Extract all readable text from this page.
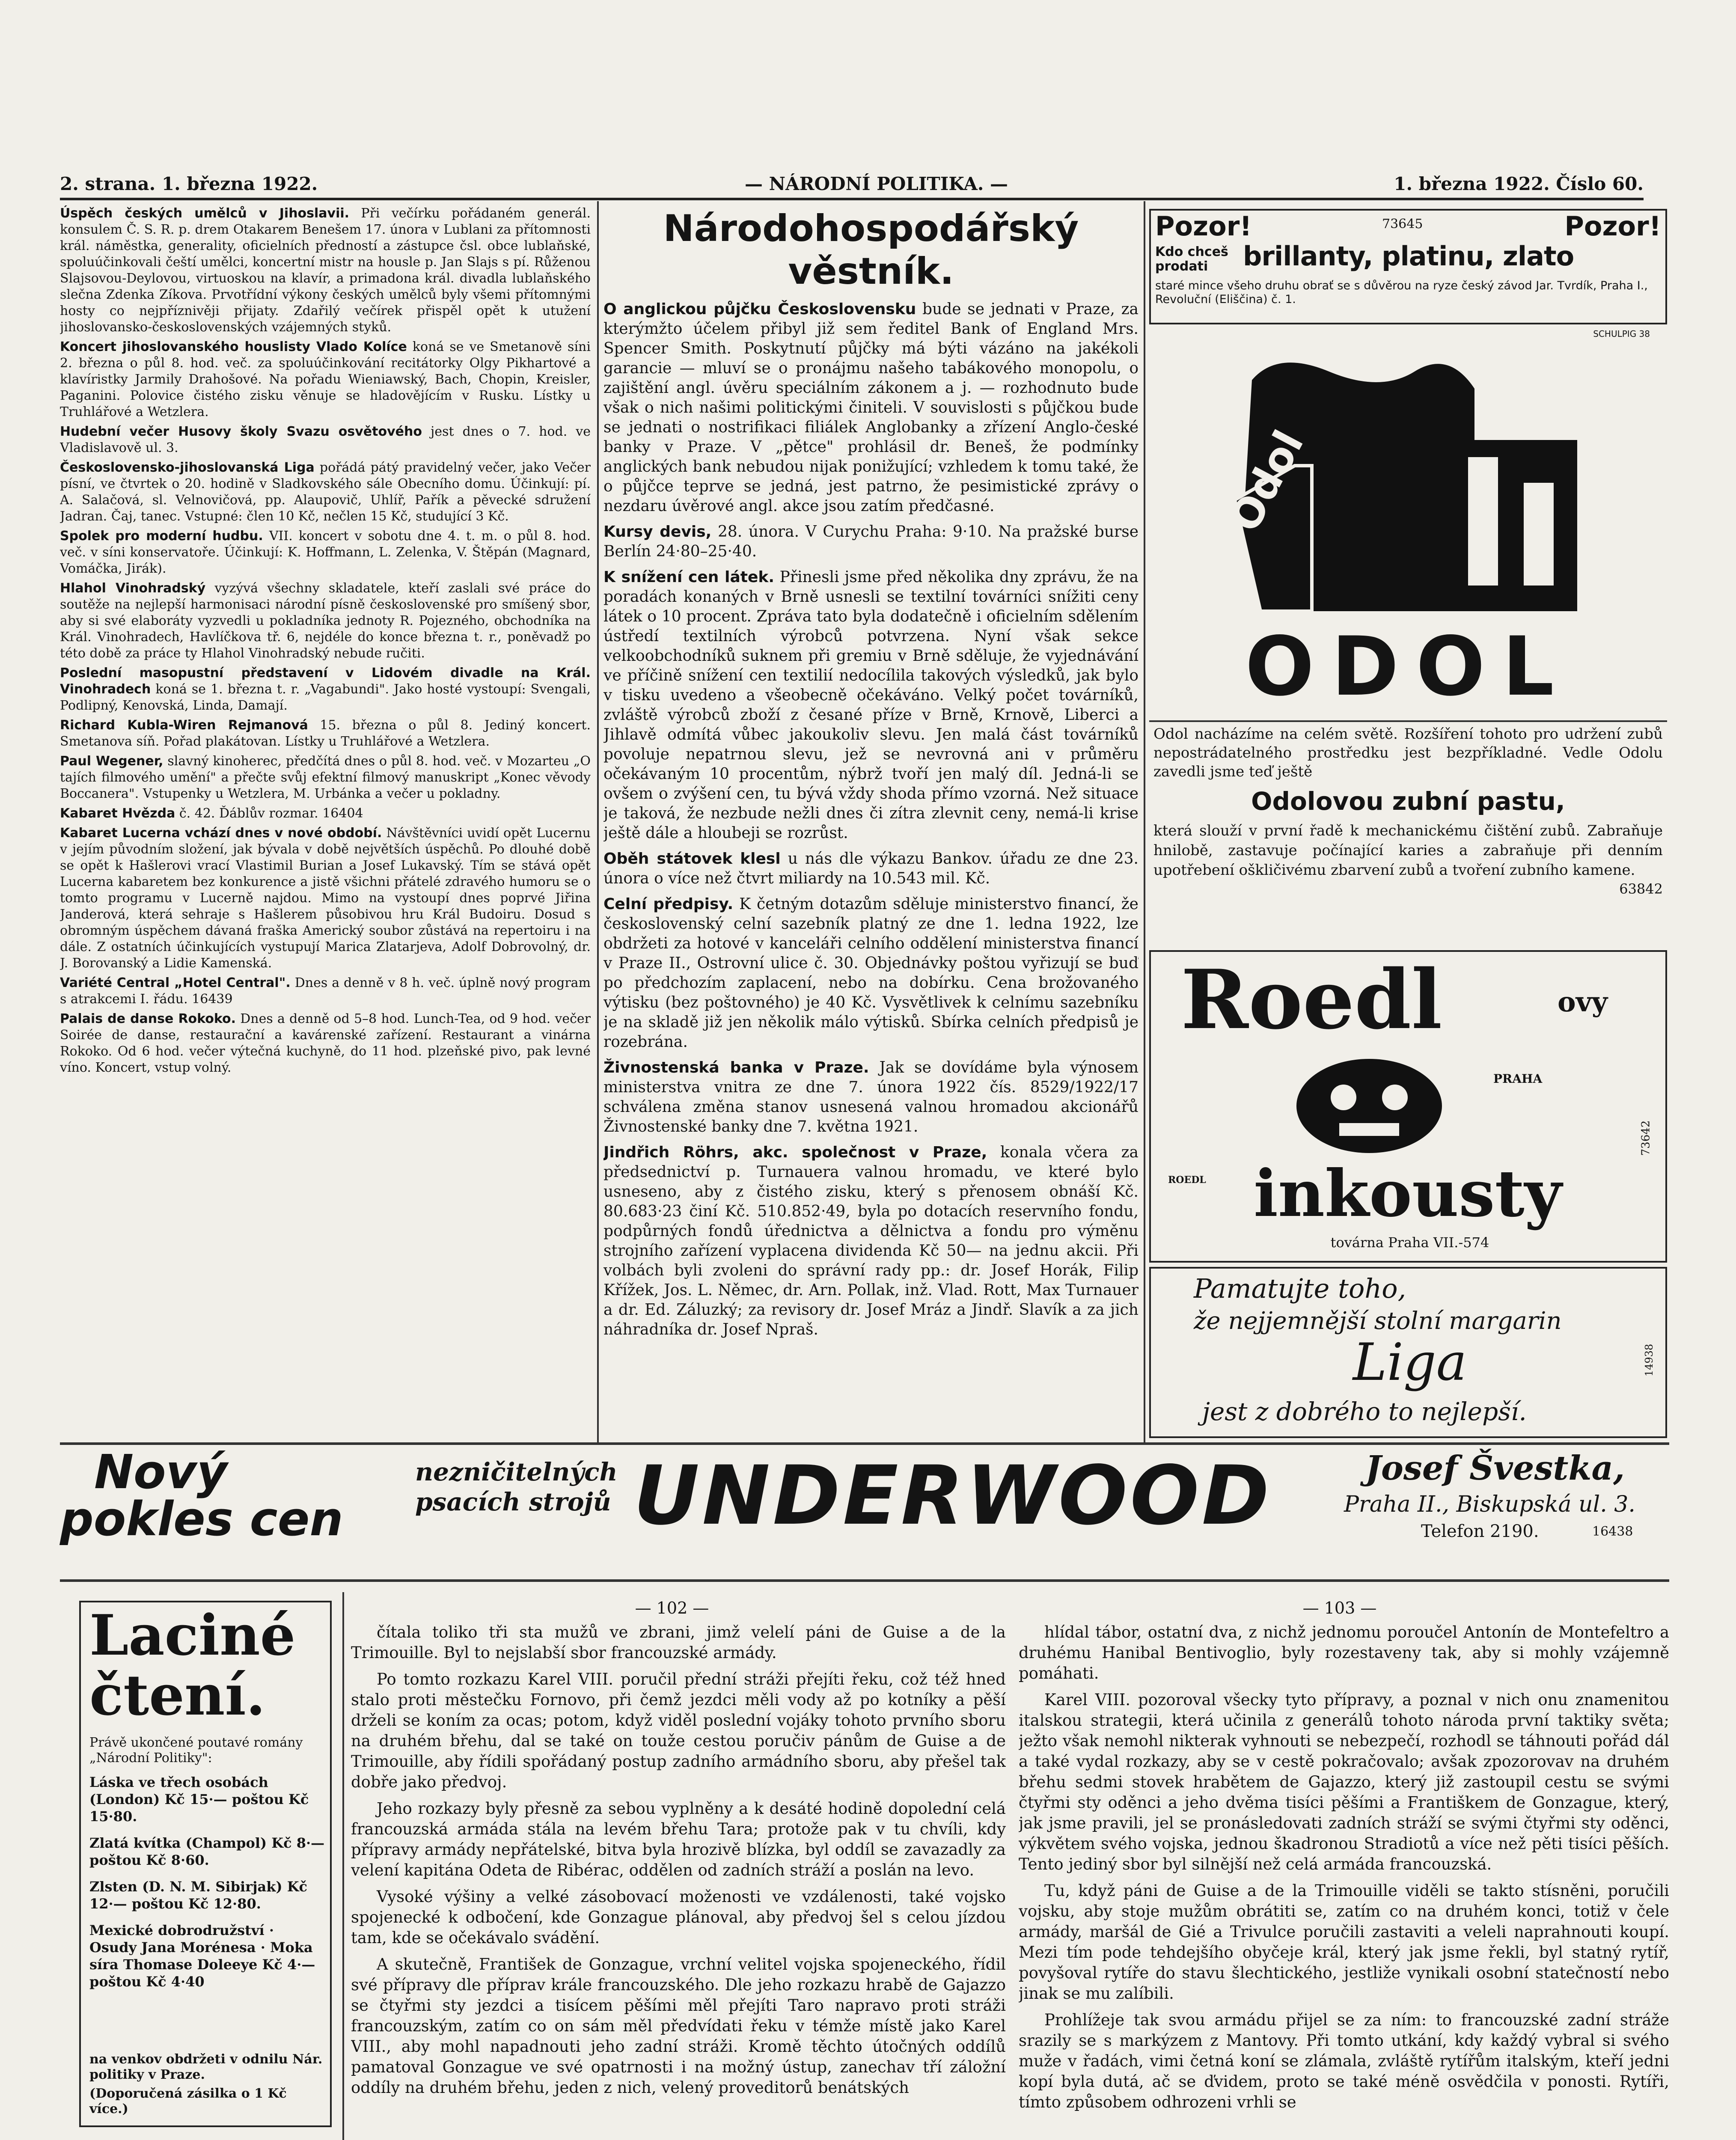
2. strana. 1. března 1922.	— NÁRODNÍ POLITIKA. —	1. března 1922. Číslo 60.

Úspěch českých umělců v Jihoslavii. Při večírku pořádaném generál. konsulem Č. S. R. p. drem Otakarem Benešem 17. února v Lublani za přítomnosti král. náměstka, generality, oficielních předností a zástupce čsl. obce lublaňské, spoluúčinkovali čeští umělci, koncertní mistr na housle p. Jan Slajs s pí. Růženou Slajsovou-Deylovou, virtuoskou na klavír, a primadona král. divadla lublaňského slečna Zdenka Zíkova. Prvotřídní výkony českých umělců byly všemi přítomnými hosty co nejpříznivěji přijaty. Zdařilý večírek přispěl opět k utužení jihoslovansko-československých vzájemných styků.

Koncert jihoslovanského houslisty Vlado Kolíce koná se ve Smetanově síni 2. března o půl 8. hod. več. za spoluúčinkování recitátorky Olgy Pikhartové a klavíristky Jarmily Drahošové. Na pořadu Wieniawský, Bach, Chopin, Kreisler, Paganini. Polovice čistého zisku věnuje se hladovějícím v Rusku. Lístky u Truhlářové a Wetzlera.

Hudební večer Husovy školy Svazu osvětového jest dnes o 7. hod. ve Vladislavově ul. 3.

Československo-jihoslovanská Liga pořádá pátý pravidelný večer, jako Večer písní, ve čtvrtek o 20. hodině v Sladkovského sále Obecního domu. Účinkují: pí. A. Salačová, sl. Velnovičová, pp. Alaupovič, Uhlíř, Pařík a pěvecké sdružení Jadran. Čaj, tanec. Vstupné: člen 10 Kč, nečlen 15 Kč, studující 3 Kč.

Spolek pro moderní hudbu. VII. koncert v sobotu dne 4. t. m. o půl 8. hod. več. v síni konservatoře. Účinkují: K. Hoffmann, L. Zelenka, V. Štěpán (Magnard, Vomáčka, Jirák).

Hlahol Vinohradský vyzývá všechny skladatele, kteří zaslali své práce do soutěže na nejlepší harmonisaci národní písně československé pro smíšený sbor, aby si své elaboráty vyzvedli u pokladníka jednoty R. Pojezného, obchodníka na Král. Vinohradech, Havlíčkova tř. 6, nejdéle do konce března t. r., poněvadž po této době za práce ty Hlahol Vinohradský nebude ručiti.

Poslední masopustní představení v Lidovém divadle na Král. Vinohradech koná se 1. března t. r. „Vagabundi". Jako hosté vystoupí: Svengali, Podlipný, Kenovská, Linda, Damají.

Richard Kubla-Wiren Rejmanová 15. března o půl 8. Jediný koncert. Smetanova síň. Pořad plakátovan. Lístky u Truhlářové a Wetzlera.

Paul Wegener, slavný kinoherec, předčítá dnes o půl 8. hod. več. v Mozarteu „O tajích filmového umění" a přečte svůj efektní filmový manuskript „Konec věvody Boccanera". Vstupenky u Wetzlera, M. Urbánka a večer u pokladny.

Kabaret Hvězda č. 42. Ďáblův rozmar. 16404

Kabaret Lucerna vchází dnes v nové období. Návštěvníci uvidí opět Lucernu v jejím původním složení, jak bývala v době největších úspěchů. Po dlouhé době se opět k Hašlerovi vrací Vlastimil Burian a Josef Lukavský. Tím se stává opět Lucerna kabaretem bez konkurence a jistě všichni přátelé zdravého humoru se o tomto programu v Lucerně najdou. Mimo na vystoupí dnes poprvé Jiřina Janderová, která sehraje s Hašlerem působivou hru Král Budoiru. Dosud s obromným úspěchem dávaná fraška Americký soubor zůstává na repertoiru i na dále. Z ostatních účinkujících vystupují Marica Zlatarjeva, Adolf Dobrovolný, dr. J. Borovanský a Lidie Kamenská.

Variété Central „Hotel Central". Dnes a denně v 8 h. več. úplně nový program s atrakcemi I. řádu. 16439

Palais de danse Rokoko. Dnes a denně od 5–8 hod. Lunch-Tea, od 9 hod. večer Soirée de danse, restaurační a kavárenské zařízení. Restaurant a vinárna Rokoko. Od 6 hod. večer výtečná kuchyně, do 11 hod. plzeňské pivo, pak levné víno. Koncert, vstup volný.

Národohospodářský věstník.

O anglickou půjčku Československu bude se jednati v Praze, za kterýmžto účelem přibyl již sem ředitel Bank of England Mrs. Spencer Smith. Poskytnutí půjčky má býti vázáno na jakékoli garancie — mluví se o pronájmu našeho tabákového monopolu, o zajištění angl. úvěru speciálním zákonem a j. — rozhodnuto bude však o nich našimi politickými činiteli. V souvislosti s půjčkou bude se jednati o nostrifikaci filiálek Anglobanky a zřízení Anglo-české banky v Praze. V „pětce" prohlásil dr. Beneš, že podmínky anglických bank nebudou nijak ponižující; vzhledem k tomu také, že o půjčce teprve se jedná, jest patrno, že pesimistické zprávy o nezdaru úvěrové angl. akce jsou zatím předčasné.

Kursy devis, 28. února. V Curychu Praha: 9·10. Na pražské burse Berlín 24·80–25·40.

K snížení cen látek. Přinesli jsme před několika dny zprávu, že na poradách konaných v Brně usnesli se textilní továrníci snížiti ceny látek o 10 procent. Zpráva tato byla dodatečně i oficielním sdělením ústředí textilních výrobců potvrzena. Nyní však sekce velkoobchodníků suknem při gremiu v Brně sděluje, že vyjednávání ve příčině snížení cen textilií nedocílila takových výsledků, jak bylo v tisku uvedeno a všeobecně očekáváno. Velký počet továrníků, zvláště výrobců zboží z česané příze v Brně, Krnově, Liberci a Jihlavě odmítá vůbec jakoukoliv slevu. Jen malá část továrníků povoluje nepatrnou slevu, jež se nevrovná ani v průměru očekávaným 10 procentům, nýbrž tvoří jen malý díl. Jedná-li se ovšem o zvýšení cen, tu bývá vždy shoda přímo vzorná. Než situace je taková, že nezbude nežli dnes či zítra zlevnit ceny, nemá-li krise ještě dále a hloubeji se rozrůst.

Oběh státovek klesl u nás dle výkazu Bankov. úřadu ze dne 23. února o více než čtvrt miliardy na 10.543 mil. Kč.

Celní předpisy. K četným dotazům sděluje ministerstvo financí, že československý celní sazebník platný ze dne 1. ledna 1922, lze obdržeti za hotové v kanceláři celního oddělení ministerstva financí v Praze II., Ostrovní ulice č. 30. Objednávky poštou vyřizují se buď po předchozím zaplacení, nebo na dobírku. Cena brožovaného výtisku (bez poštovného) je 40 Kč. Vysvětlivek k celnímu sazebníku je na skladě již jen několik málo výtisků. Sbírka celních předpisů je rozebrána.

Živnostenská banka v Praze. Jak se dovídáme byla výnosem ministerstva vnitra ze dne 7. února 1922 čís. 8529/1922/17 schválena změna stanov usnesená valnou hromadou akcionářů Živnostenské banky dne 7. května 1921.

Jindřich Röhrs, akc. společnost v Praze, konala včera za předsednictví p. Turnauera valnou hromadu, ve které bylo usneseno, aby z čistého zisku, který s přenosem obnáší Kč. 80.683·23 činí Kč. 510.852·49, byla po dotacích reservního fondu, podpůrných fondů úřednictva a dělnictva a fondu pro výměnu strojního zařízení vyplacena dividenda Kč 50— na jednu akcii. Při volbách byli zvoleni do správní rady pp.: dr. Josef Horák, Filip Křížek, Jos. L. Němec, dr. Arn. Pollak, inž. Vlad. Rott, Max Turnauer a dr. Ed. Záluzký; za revisory dr. Josef Mráz a Jindř. Slavík a za jich náhradníka dr. Josef Npraš.

Pozor!	73645	Pozor!
Kdo chceš prodati	brillanty, platinu, zlato
staré mince všeho druhu obrať se s důvěrou na ryze český závod Jar. Tvrdík, Praha I., Revoluční (Eliščina) č. 1.
SCHULPIG 38
Odol
ODOL
Odol nacházíme na celém světě. Rozšíření tohoto pro udržení zubů nepostrádatelného prostředku jest bezpříkladné. Vedle Odolu zavedli jsme teď ještě
Odolovou zubní pastu,
která slouží v první řadě k mechanickému čištění zubů. Zabraňuje hnilobě, zastavuje počínající karies a zabraňuje při denním upotřebení oškličivému zbarvení zubů a tvoření zubního kamene.
63842
Roedl	ovy
PRAHA
ROEDL inkousty
továrna Praha VII.-574
73642
Pamatujte toho,
že nejjemnější stolní margarin
Liga
jest z dobrého to nejlepší.
14938
Nový
pokles cen
nezničitelných
psacích strojů UNDERWOOD	Josef Švestka,
Praha II., Biskupská ul. 3.
Telefon 2190.	16438
Laciné
čtení.
Právě ukončené poutavé romány „Národní Politiky":
Láska ve třech osobách (London) Kč 15·— poštou Kč 15·80.
Zlatá kvítka (Champol) Kč 8·— poštou Kč 8·60.
Zlsten (D. N. M. Sibirjak) Kč 12·— poštou Kč 12·80.
Mexické dobrodružství · Osudy Jana Morénesa · Moka síra Thomase Doleeye Kč 4·— poštou Kč 4·40
na venkov obdržeti v odnilu Nár. politiky v Praze.
(Doporučená zásilka o 1 Kč více.)
— 102 —	— 103 —

čítala toliko tři sta mužů ve zbrani, jimž velelí páni de Guise a de la Trimouille. Byl to nejslabší sbor francouzské armády.

Po tomto rozkazu Karel VIII. poručil přední stráži přejíti řeku, což též hned stalo proti městečku Fornovo, při čemž jezdci měli vody až po kotníky a pěší drželi se koním za ocas; potom, když viděl poslední vojáky tohoto prvního sboru na druhém břehu, dal se také on touže cestou poručiv pánům de Guise a de Trimouille, aby řídili spořádaný postup zadního armádního sboru, aby přešel tak dobře jako předvoj.

Jeho rozkazy byly přesně za sebou vyplněny a k desáté hodině dopolední celá francouzská armáda stála na levém břehu Tara; protože pak v tu chvíli, kdy přípravy armády nepřátelské, bitva byla hrozivě blízka, byl oddíl se zavazadly za velení kapitána Odeta de Ribérac, oddělen od zadních stráží a poslán na levo.

Vysoké výšiny a velké zásobovací moženosti ve vzdálenosti, také vojsko spojenecké k odbočení, kde Gonzague plánoval, aby předvoj šel s celou jízdou tam, kde se očekávalo svádění.

A skutečně, František de Gonzague, vrchní velitel vojska spojeneckého, řídil své přípravy dle příprav krále francouzského. Dle jeho rozkazu hrabě de Gajazzo se čtyřmi sty jezdci a tisícem pěšími měl přejíti Taro napravo proti stráži francouzským, zatím co on sám měl předvídati řeku v témže místě jako Karel VIII., aby mohl napadnouti jeho zadní stráži. Kromě těchto útočných oddílů pamatoval Gonzague ve své opatrnosti i na možný ústup, zanechav tří záložní oddíly na druhém břehu, jeden z nich, velený proveditorů benátských

hlídal tábor, ostatní dva, z nichž jednomu poroučel Antonín de Montefeltro a druhému Hanibal Bentivoglio, byly rozestaveny tak, aby si mohly vzájemně pomáhati.

Karel VIII. pozoroval všecky tyto přípravy, a poznal v nich onu znamenitou italskou strategii, která učinila z generálů tohoto národa první taktiky světa; ježto však nemohl nikterak vyhnouti se nebezpečí, rozhodl se táhnouti pořád dál a také vydal rozkazy, aby se v cestě pokračovalo; avšak zpozorovav na druhém břehu sedmi stovek hrabětem de Gajazzo, který již zastoupil cestu se svými čtyřmi sty oděnci a jeho dvěma tisíci pěšími a Františkem de Gonzague, který, jak jsme pravili, jel se pronásledovati zadních stráží se svými čtyřmi sty oděnci, výkvětem svého vojska, jednou škadronou Stradiotů a více než pěti tisíci pěších. Tento jediný sbor byl silnější než celá armáda francouzská.

Tu, když páni de Guise a de la Trimouille viděli se takto stísněni, poručili vojsku, aby stoje mužům obrátiti se, zatím co na druhém konci, totiž v čele armády, maršál de Gié a Trivulce poručili zastaviti a veleli naprahnouti koupí. Mezi tím pode tehdejšího obyčeje král, který jak jsme řekli, byl statný rytíř, povyšoval rytíře do stavu šlechtického, jestliže vynikali osobní statečností nebo jinak se mu zalíbili.

Prohlížeje tak svou armádu přijel se za ním: to francouzské zadní stráže srazily se s markýzem z Mantovy. Při tomto utkání, kdy každý vybral si svého muže v řadách, vimi četná koní se zlámala, zvláště rytířům italským, kteří jedni kopí byla dutá, ač se ďvidem, proto se také méně osvědčila v ponosti. Rytíři, tímto způsobem odhrozeni vrhli se
